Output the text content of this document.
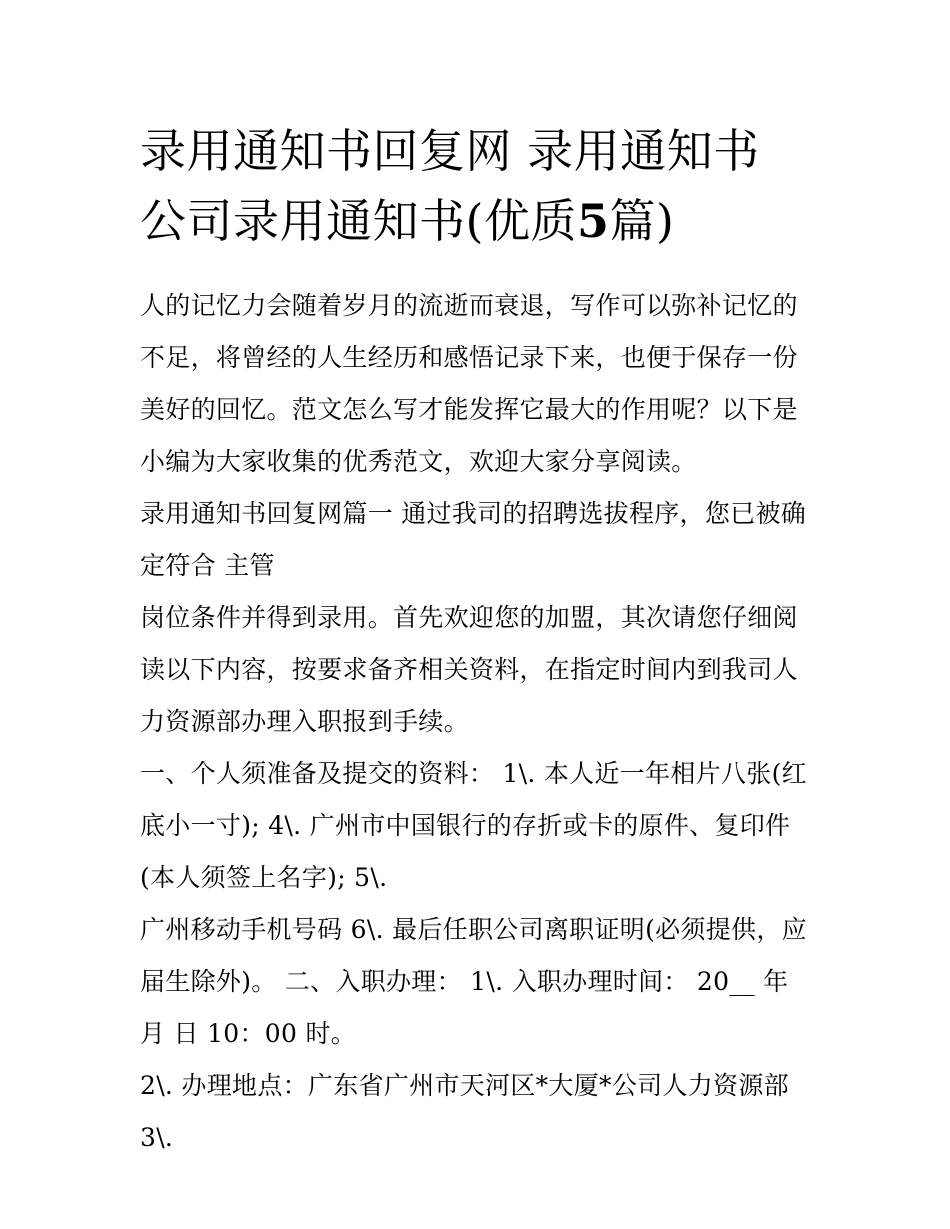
录用通知书回复网 录用通知书
公司录用通知书(优质5篇)

人的记忆力会随着岁月的流逝而衰退，写作可以弥补记忆的不足，将曾经的人生经历和感悟记录下来，也便于保存一份美好的回忆。范文怎么写才能发挥它最大的作用呢？以下是小编为大家收集的优秀范文，欢迎大家分享阅读。

录用通知书回复网篇一 通过我司的招聘选拔程序，您已被确定符合 主管

岗位条件并得到录用。首先欢迎您的加盟，其次请您仔细阅读以下内容，按要求备齐相关资料，在指定时间内到我司人力资源部办理入职报到手续。

一、个人须准备及提交的资料： 1\. 本人近一年相片八张(红底小一寸); 4\. 广州市中国银行的存折或卡的原件、复印件(本人须签上名字); 5\.

广州移动手机号码 6\. 最后任职公司离职证明(必须提供，应届生除外)。 二、入职办理： 1\. 入职办理时间： 20__ 年 月 日 10：00 时。

2\. 办理地点：广东省广州市天河区*大厦*公司人力资源部 3\.
